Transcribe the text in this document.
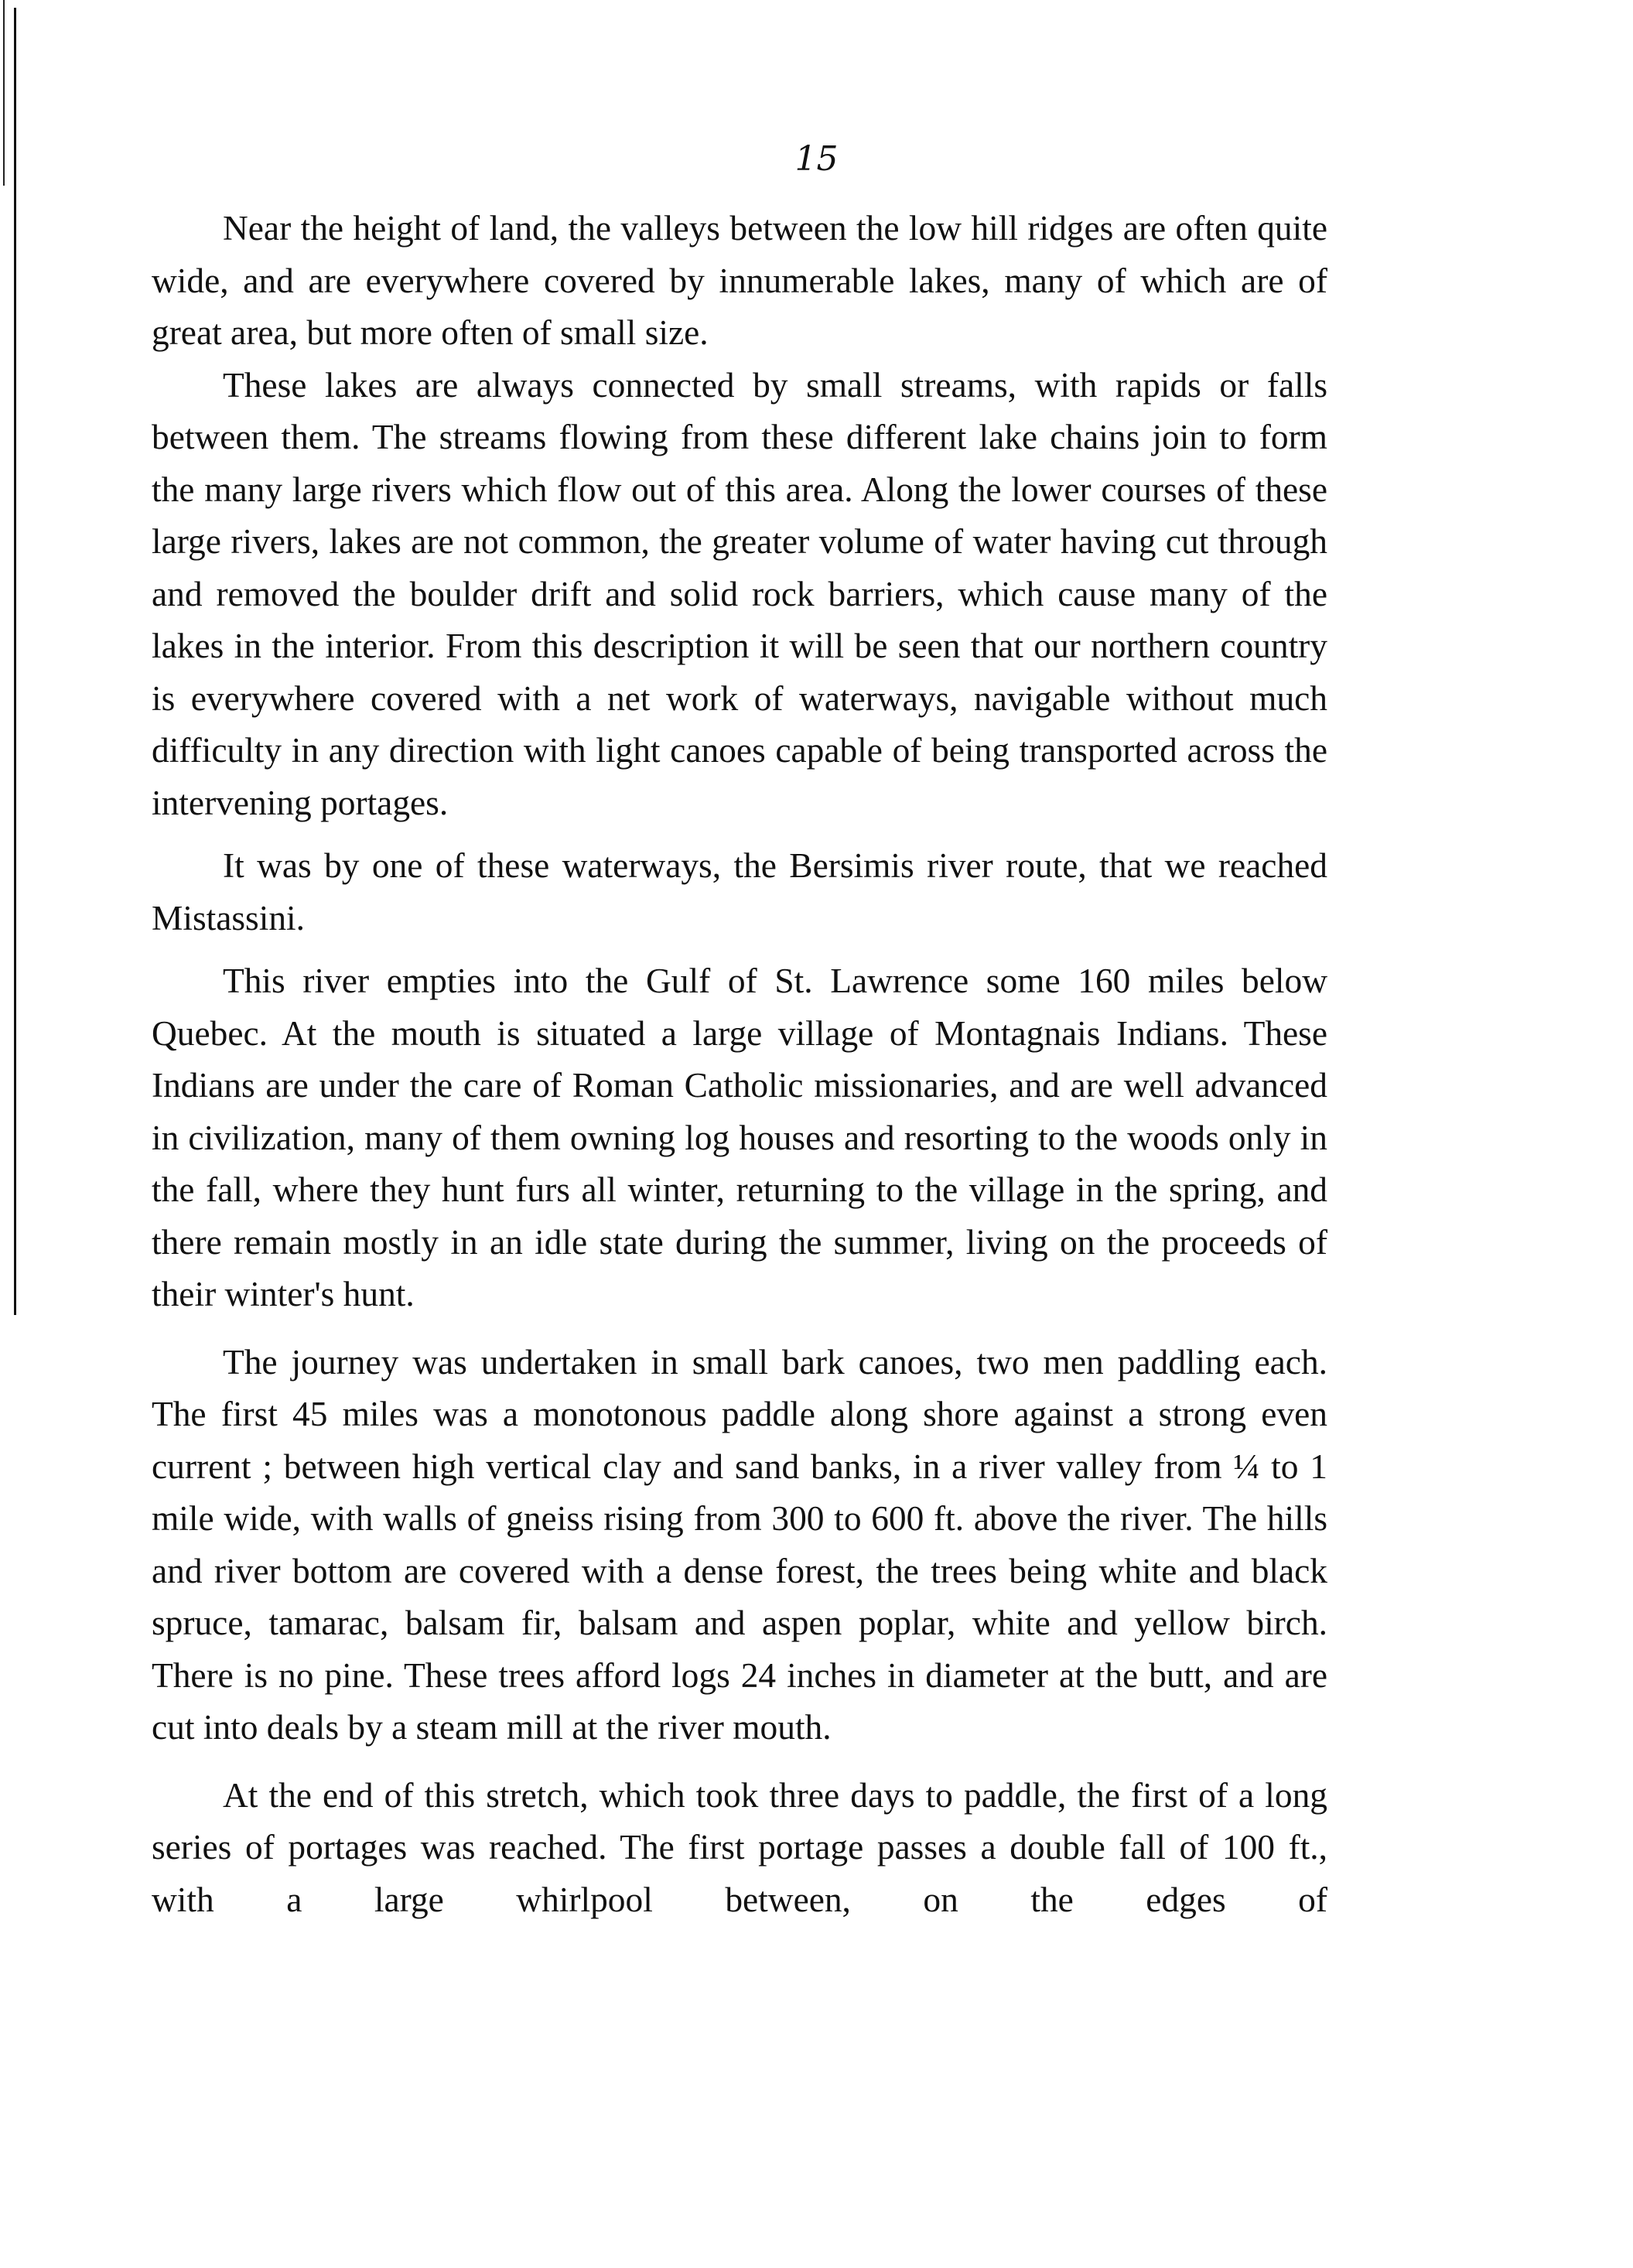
15

Near the height of land, the valleys between the low hill ridges are often quite wide, and are everywhere covered by innumerable lakes, many of which are of great area, but more often of small size.

These lakes are always connected by small streams, with rapids or falls between them. The streams flowing from these different lake chains join to form the many large rivers which flow out of this area. Along the lower courses of these large rivers, lakes are not common, the greater volume of water having cut through and removed the boulder drift and solid rock barriers, which cause many of the lakes in the interior. From this description it will be seen that our northern country is everywhere covered with a net work of waterways, navigable without much difficulty in any direction with light canoes capable of being transported across the intervening portages.

It was by one of these waterways, the Bersimis river route, that we reached Mistassini.

This river empties into the Gulf of St. Lawrence some 160 miles below Quebec. At the mouth is situated a large village of Montagnais Indians. These Indians are under the care of Roman Catholic missionaries, and are well advanced in civilization, many of them owning log houses and resorting to the woods only in the fall, where they hunt furs all winter, returning to the village in the spring, and there remain mostly in an idle state during the summer, living on the proceeds of their winter's hunt.

The journey was undertaken in small bark canoes, two men paddling each. The first 45 miles was a monotonous paddle along shore against a strong even current ; between high vertical clay and sand banks, in a river valley from ¼ to 1 mile wide, with walls of gneiss rising from 300 to 600 ft. above the river. The hills and river bottom are covered with a dense forest, the trees being white and black spruce, tamarac, balsam fir, balsam and aspen poplar, white and yellow birch. There is no pine. These trees afford logs 24 inches in diameter at the butt, and are cut into deals by a steam mill at the river mouth.

At the end of this stretch, which took three days to paddle, the first of a long series of portages was reached. The first portage passes a double fall of 100 ft., with a large whirlpool between, on the edges of
